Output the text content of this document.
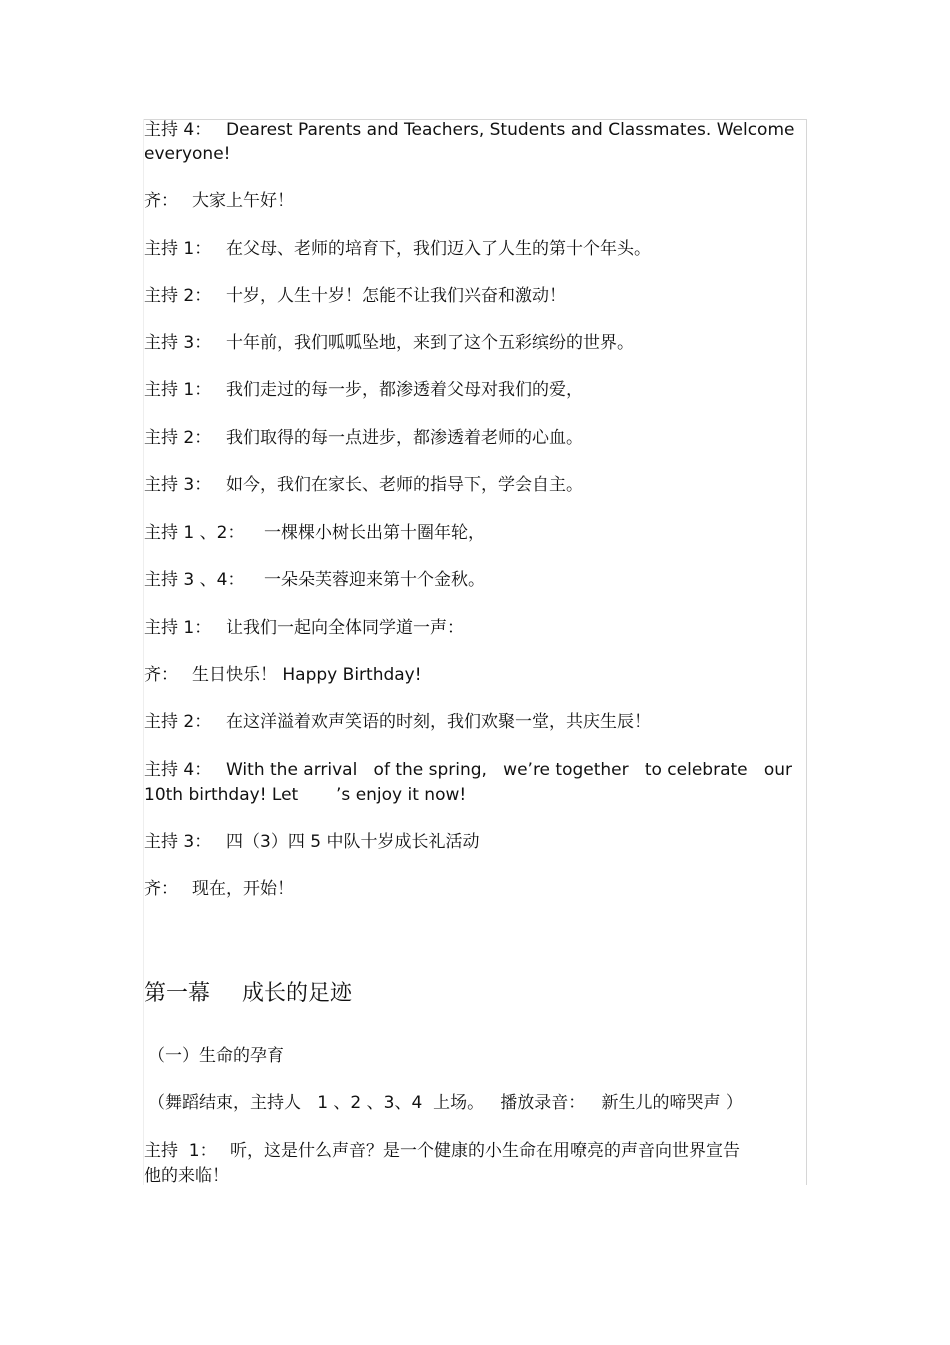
主持 4： Dearest Parents and Teachers, Students and Classmates. Welcome
everyone!
齐： 大家上午好！
主持 1： 在父母、老师的培育下，我们迈入了人生的第十个年头。
主持 2： 十岁，人生十岁！怎能不让我们兴奋和激动！
主持 3： 十年前，我们呱呱坠地，来到了这个五彩缤纷的世界。
主持 1： 我们走过的每一步，都渗透着父母对我们的爱，
主持 2： 我们取得的每一点进步，都渗透着老师的心血。
主持 3： 如今，我们在家长、老师的指导下，学会自主。
主持 1 、2： 一棵棵小树长出第十圈年轮，
主持 3 、4： 一朵朵芙蓉迎来第十个金秋。
主持 1： 让我们一起向全体同学道一声：
齐： 生日快乐！ Happy Birthday!
主持 2： 在这洋溢着欢声笑语的时刻，我们欢聚一堂，共庆生辰！
主持 4： With the arrival   of the spring,   we’re together   to celebrate   our
10th birthday! Let       ’s enjoy it now!
主持 3： 四（3）四 5 中队十岁成长礼活动
齐： 现在，开始！
第一幕 成长的足迹
（一）生命的孕育
（舞蹈结束，主持人   1 、2 、3、4  上场。   播放录音：   新生儿的啼哭声 ）
主持  1： 听，这是什么声音？是一个健康的小生命在用嘹亮的声音向世界宣告
他的来临！
